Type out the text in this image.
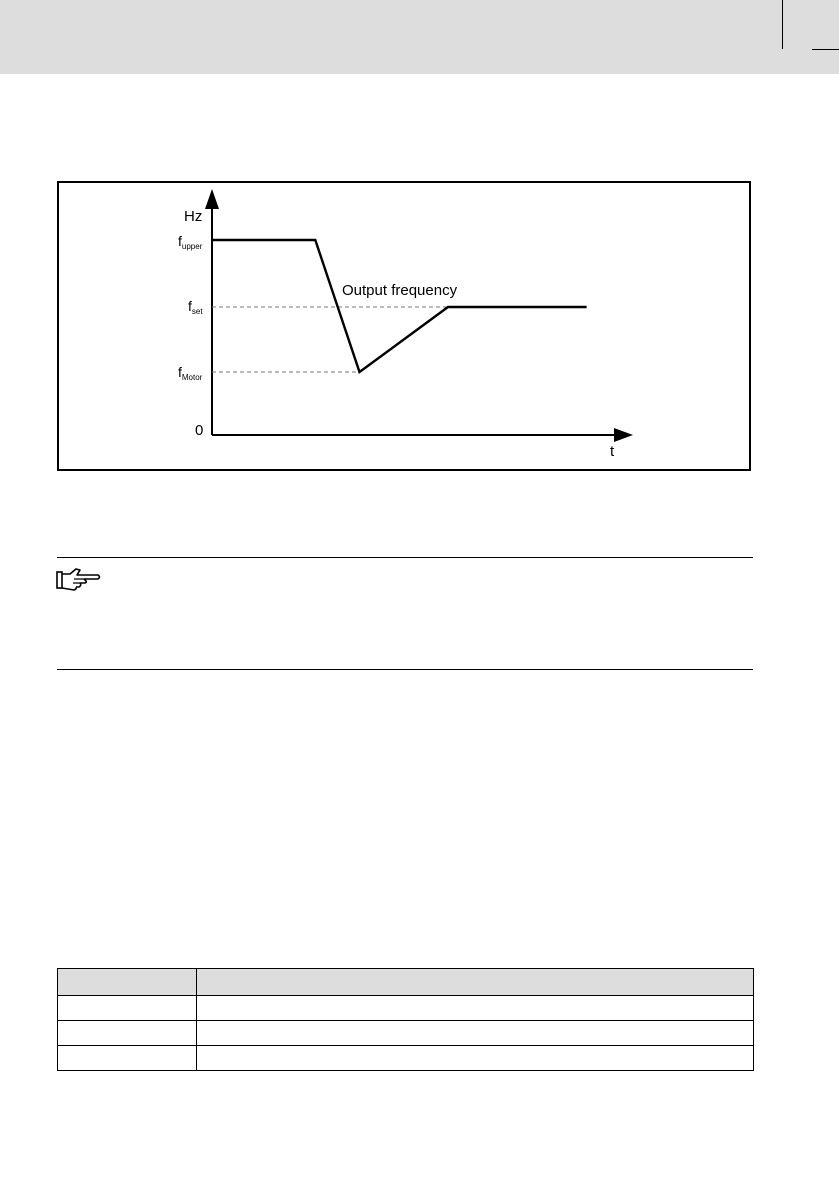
Hz
0
t
Output frequency
fupper
fset
fMotor
